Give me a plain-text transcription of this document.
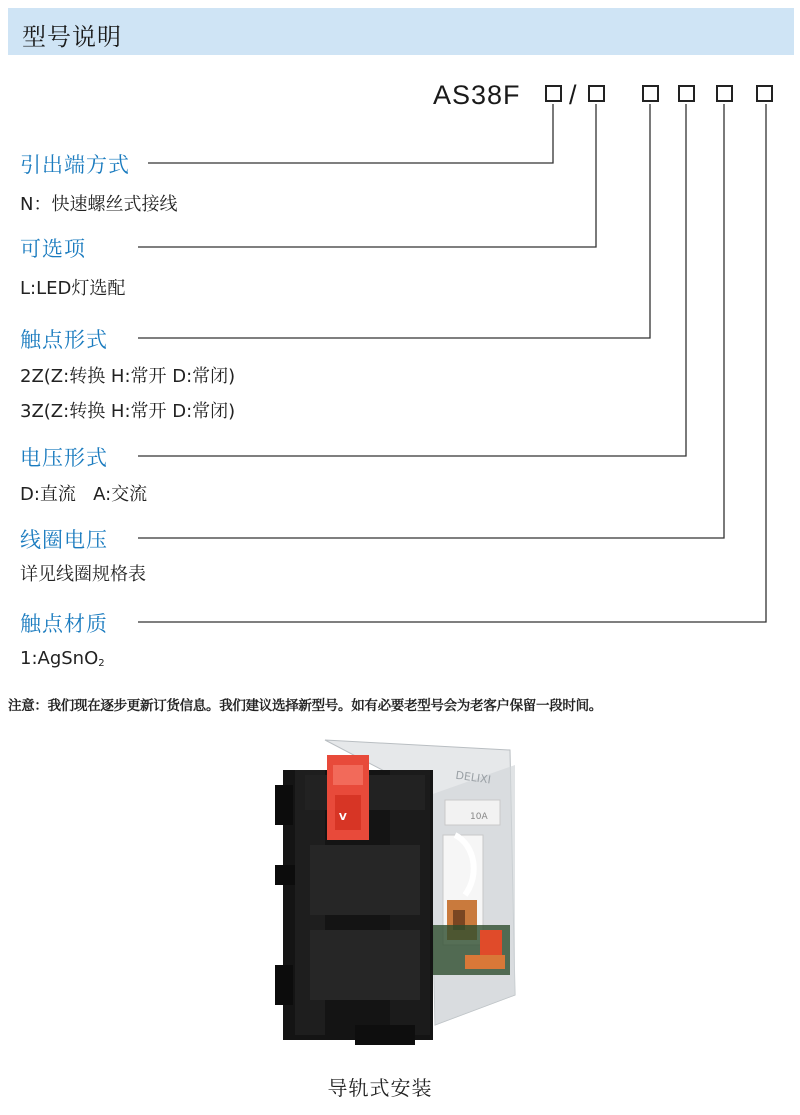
型号说明
AS38F /
引出端方式
N：快速螺丝式接线
可选项
L:LED灯选配
触点形式
2Z(Z:转换 H:常开 D:常闭)
3Z(Z:转换 H:常开 D:常闭)
电压形式
D:直流   A:交流
线圈电压
详见线圈规格表
触点材质
1:AgSnO$_2$
注意：我们现在逐步更新订货信息。我们建议选择新型号。如有必要老型号会为老客户保留一段时间。
DELIXI
10A
V
导轨式安装
